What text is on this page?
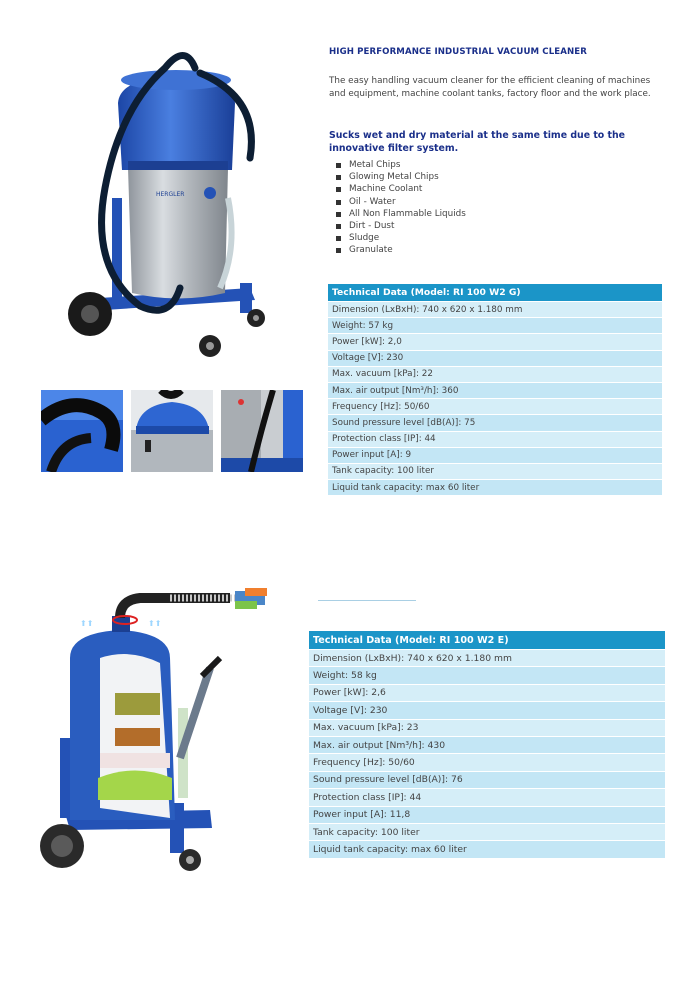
HERGLER
⬆⬆	⬆⬆
HIGH PERFORMANCE INDUSTRIAL VACUUM CLEANER
The easy handling vacuum cleaner for the efficient cleaning of machines and equipment, machine coolant tanks, factory floor and the work place.
Sucks wet and dry material at the same time due to the innovative filter system.
Metal Chips
Glowing Metal Chips
Machine Coolant
Oil - Water
All Non Flammable Liquids
Dirt - Dust
Sludge
Granulate
Technical Data (Model: RI 100 W2 G)
Dimension (LxBxH): 740 x 620 x 1.180 mm
Weight: 57 kg
Power [kW]: 2,0
Voltage [V]: 230
Max. vacuum [kPa]: 22
Max. air output [Nm³/h]: 360
Frequency [Hz]: 50/60
Sound pressure level [dB(A)]: 75
Protection class [IP]: 44
Power input [A]: 9
Tank capacity: 100 liter
Liquid tank capacity: max 60 liter
Technical Data (Model: RI 100 W2 E)
Dimension (LxBxH): 740 x 620 x 1.180 mm
Weight: 58 kg
Power [kW]: 2,6
Voltage [V]: 230
Max. vacuum [kPa]: 23
Max. air output [Nm³/h]: 430
Frequency [Hz]: 50/60
Sound pressure level [dB(A)]: 76
Protection class [IP]: 44
Power input [A]: 11,8
Tank capacity: 100 liter
Liquid tank capacity: max 60 liter
